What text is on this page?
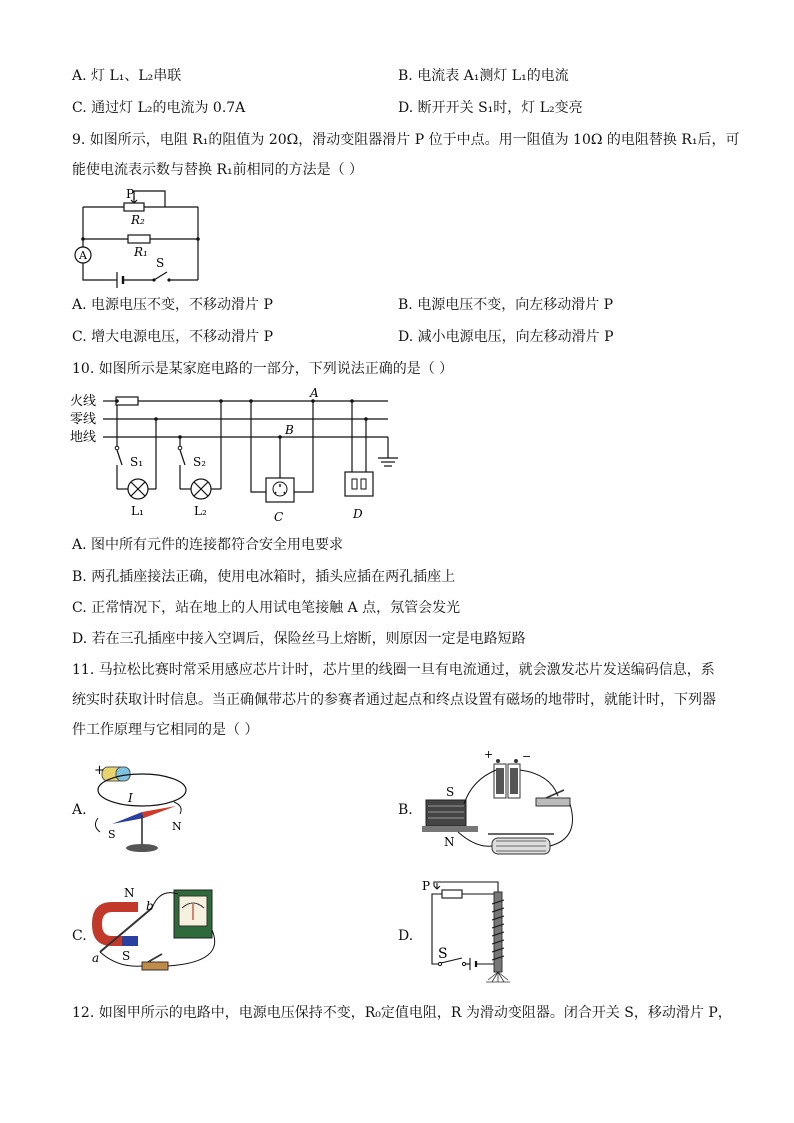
A. 灯 L₁、L₂串联	B. 电流表 A₁测灯 L₁的电流
C. 通过灯 L₂的电流为 0.7A	D. 断开开关 S₁时，灯 L₂变亮
9. 如图所示，电阻 R₁的阻值为 20Ω，滑动变阻器滑片 P 位于中点。用一阻值为 10Ω 的电阻替换 R₁后，可
能使电流表示数与替换 R₁前相同的方法是（ ）
P
R₂
R₁
A
S
A. 电源电压不变，不移动滑片 P	B. 电源电压不变，向左移动滑片 P
C. 增大电源电压，不移动滑片 P	D. 减小电源电压，向左移动滑片 P
10. 如图所示是某家庭电路的一部分，下列说法正确的是（ ）
火线
零线
地线
S₁	S₂
L₁	L₂
A
B
C	D
A. 图中所有元件的连接都符合安全用电要求
B. 两孔插座接法正确，使用电冰箱时，插头应插在两孔插座上
C. 正常情况下，站在地上的人用试电笔接触 A 点，氖管会发光
D. 若在三孔插座中接入空调后，保险丝马上熔断，则原因一定是电路短路
11. 马拉松比赛时常采用感应芯片计时，芯片里的线圈一旦有电流通过，就会激发芯片发送编码信息，系
统实时获取计时信息。当正确佩带芯片的参赛者通过起点和终点设置有磁场的地带时，就能计时，下列器
件工作原理与它相同的是（ ）
A.
+
I
S
N
B.
+	−
S
N
C.
N
S
a
b
D.
P
S
12. 如图甲所示的电路中，电源电压保持不变，R₀定值电阻，R 为滑动变阻器。闭合开关 S，移动滑片 P，
